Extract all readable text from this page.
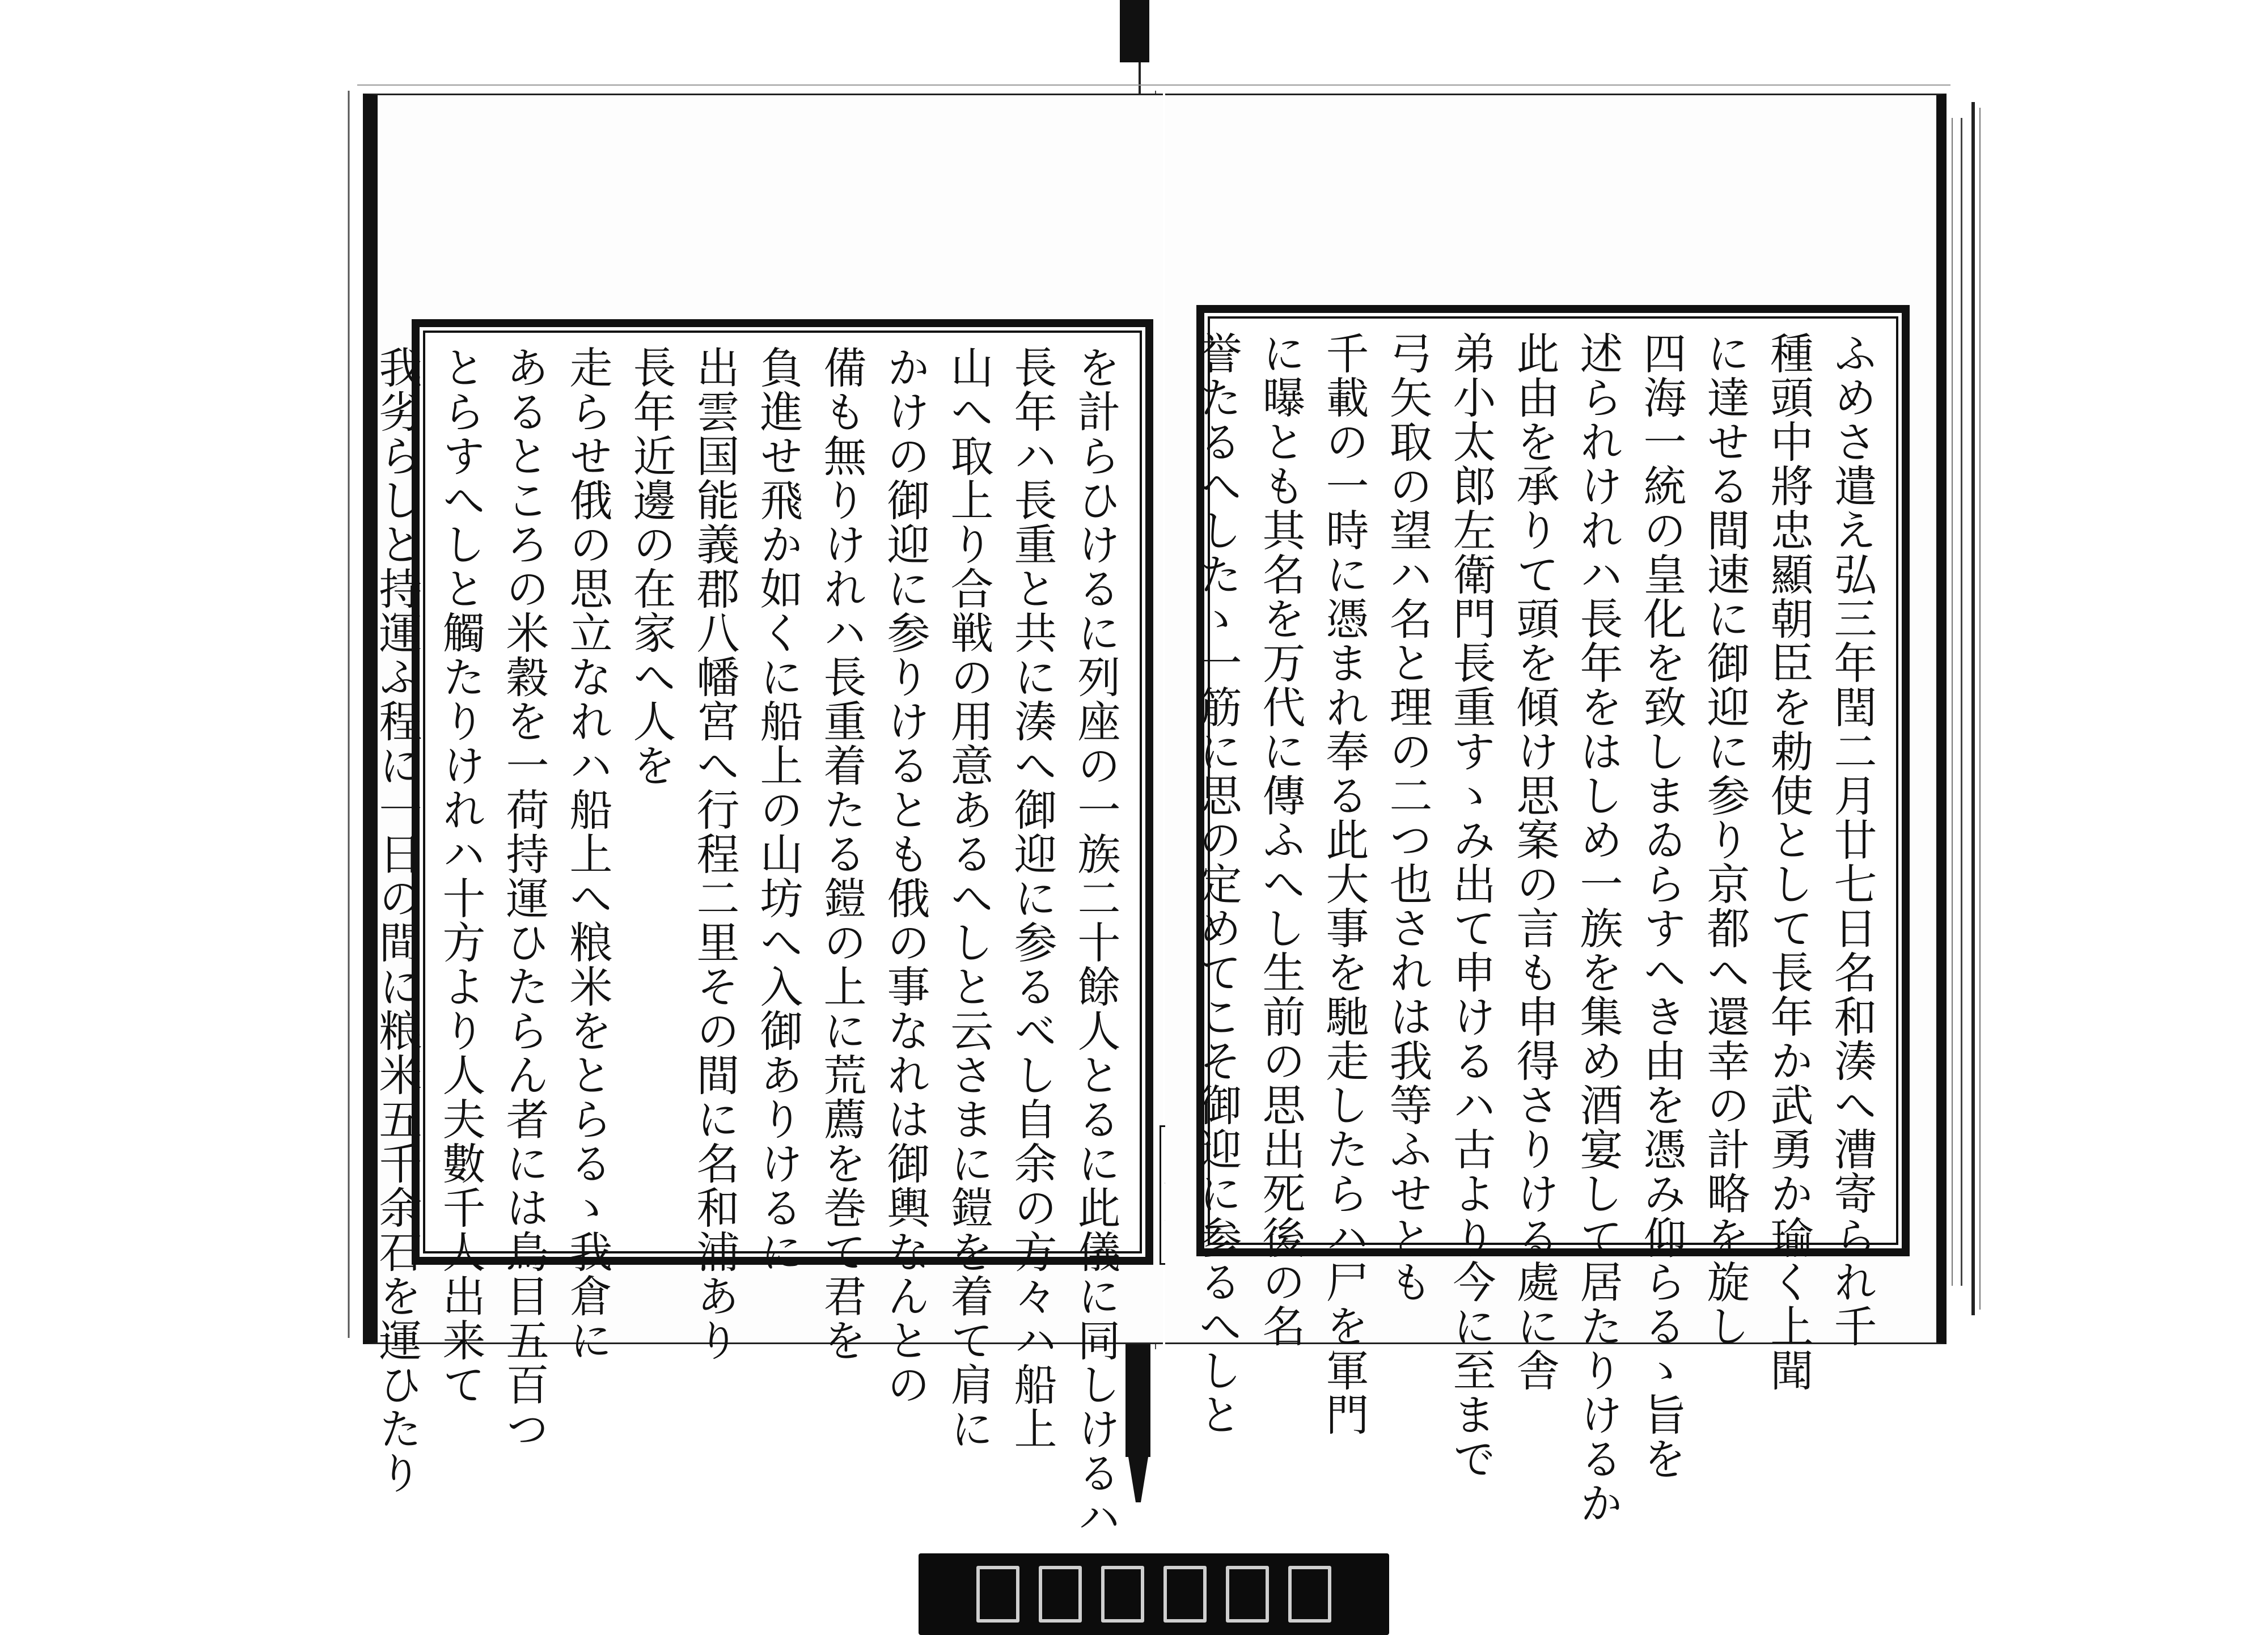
を計らひけるに列座の一族二十餘人とるに此儀に同しけるハ
長年ハ長重と共に湊へ御迎に参るべし自余の方々ハ船上
山へ取上り合戦の用意あるへしと云さまに鎧を着て肩に
かけの御迎に参りけるとも俄の事なれは御輿なんとの
備も無りけれハ長重着たる鎧の上に荒薦を巻て君を
負進せ飛か如くに船上の山坊へ入御ありけるに
出雲国能義郡八幡宮へ行程二里その間に名和浦あり
長年近邊の在家へ人を
走らせ俄の思立なれハ船上へ粮米をとらるゝ我倉に
あるところの米穀を一荷持運ひたらん者には鳥目五百つ
とらすへしと觸たりけれハ十方より人夫數千人出来て
我劣らしと持運ふ程に一日の間に粮米五千余石を運ひたり	ふめさ遣え弘三年閏二月廿七日名和湊へ漕寄られ千
種頭中將忠顯朝臣を勅使として長年か武勇か瑜く上聞
に達せる間速に御迎に参り京都へ還幸の計略を旋し
四海一統の皇化を致しまゐらすへき由を憑み仰らるゝ旨を
述られけれハ長年をはしめ一族を集め酒宴して居たりけるか
此由を承りて頭を傾け思案の言も申得さりける處に舎
弟小太郎左衛門長重すゝみ出て申けるハ古より今に至まで
弓矢取の望ハ名と理の二つ也されは我等ふせとも
千載の一時に憑まれ奉る此大事を馳走したらハ尸を軍門
に曝とも其名を万代に傳ふへし生前の思出死後の名
誉たるへしたゝ一筋に思の定めてこそ御迎に参るへしと
